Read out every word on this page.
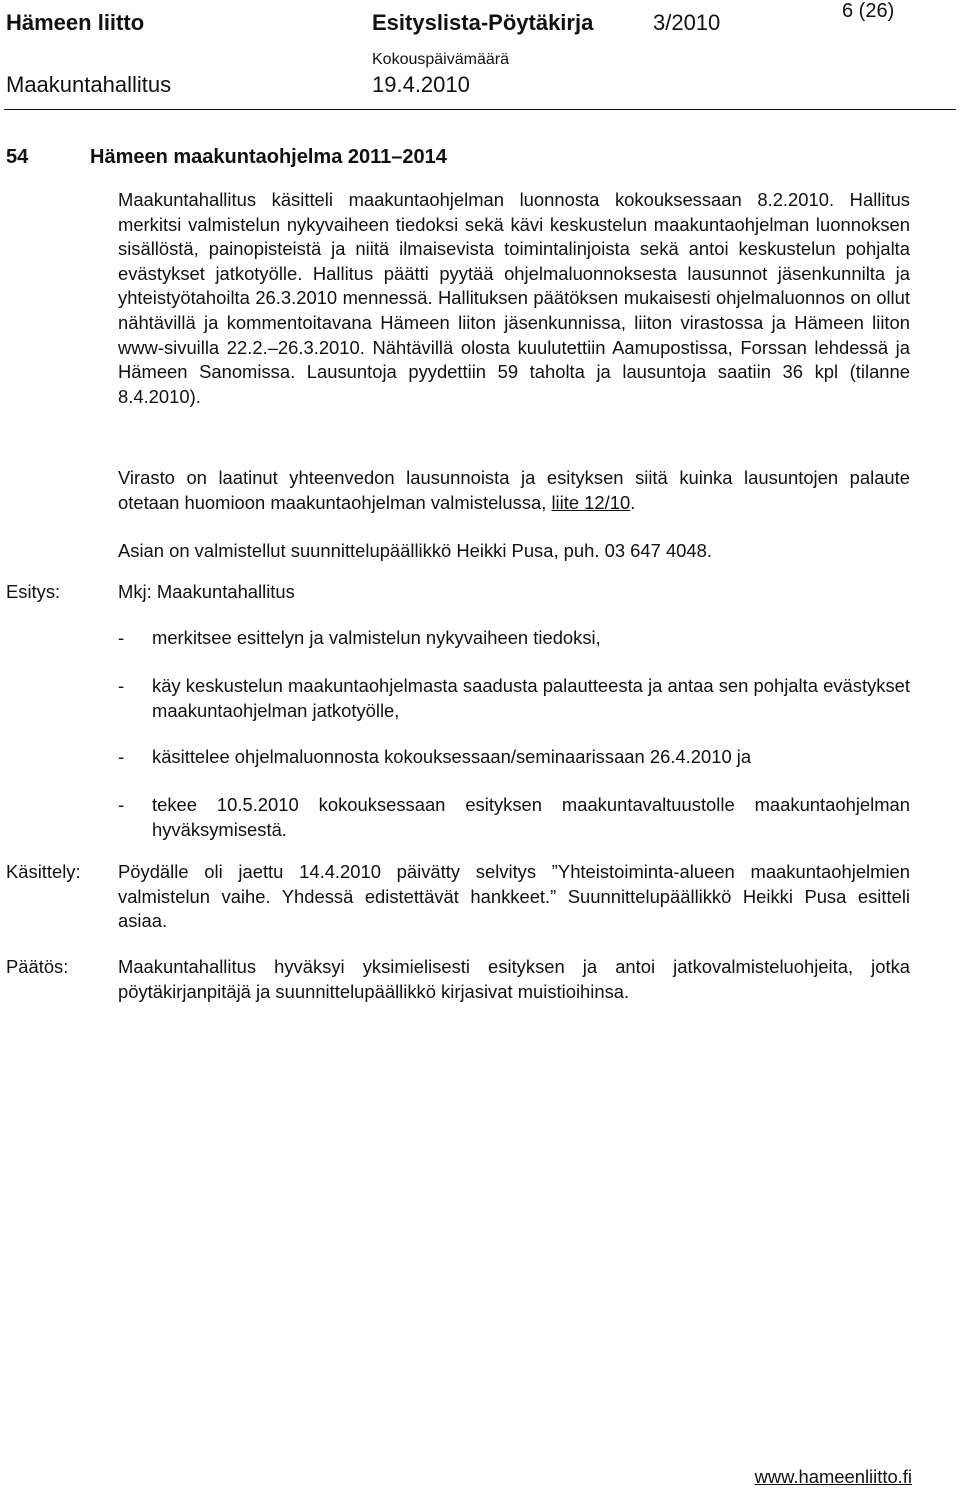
Hämeen liitto	Esityslista-Pöytäkirja	3/2010	6 (26)
Kokouspäivämäärä
Maakuntahallitus	19.4.2010
54	Hämeen maakuntaohjelma 2011–2014
Maakuntahallitus käsitteli maakuntaohjelman luonnosta kokouksessaan 8.2.2010. Hallitus merkitsi valmistelun nykyvaiheen tiedoksi sekä kävi keskustelun maakuntaohjelman luonnoksen sisällöstä, painopisteistä ja niitä ilmaisevista toimintalinjoista sekä antoi keskustelun pohjalta evästykset jatkotyölle. Hallitus päätti pyytää ohjelmaluonnoksesta lausunnot jäsenkunnilta ja yhteistyötahoilta 26.3.2010 mennessä. Hallituksen päätöksen mukaisesti ohjelmaluonnos on ollut nähtävillä ja kommentoitavana Hämeen liiton jäsenkunnissa, liiton virastossa ja Hämeen liiton www-sivuilla 22.2.–26.3.2010. Nähtävillä olosta kuulutettiin Aamupostissa, Forssan lehdessä ja Hämeen Sanomissa. Lausuntoja pyydettiin 59 taholta ja lausuntoja saatiin 36 kpl (tilanne 8.4.2010).
Virasto on laatinut yhteenvedon lausunnoista ja esityksen siitä kuinka lausuntojen palaute otetaan huomioon maakuntaohjelman valmistelussa, liite 12/10.
Asian on valmistellut suunnittelupäällikkö Heikki Pusa, puh. 03 647 4048.
Esitys:	Mkj: Maakuntahallitus
- merkitsee esittelyn ja valmistelun nykyvaiheen tiedoksi,
- käy keskustelun maakuntaohjelmasta saadusta palautteesta ja antaa sen pohjalta evästykset maakuntaohjelman jatkotyölle,
- käsittelee ohjelmaluonnosta kokouksessaan/seminaarissaan 26.4.2010 ja
- tekee 10.5.2010 kokouksessaan esityksen maakuntavaltuustolle maakuntaohjelman hyväksymisestä.
Käsittely: Pöydälle oli jaettu 14.4.2010 päivätty selvitys ”Yhteistoiminta-alueen maakuntaohjelmien valmistelun vaihe. Yhdessä edistettävät hankkeet.” Suunnittelupäällikkö Heikki Pusa esitteli asiaa.
Päätös:	Maakuntahallitus hyväksyi yksimielisesti esityksen ja antoi jatkovalmisteluohjeita, jotka pöytäkirjanpitäjä ja suunnittelupäällikkö kirjasivat muistioihinsa.
www.hameenliitto.fi
